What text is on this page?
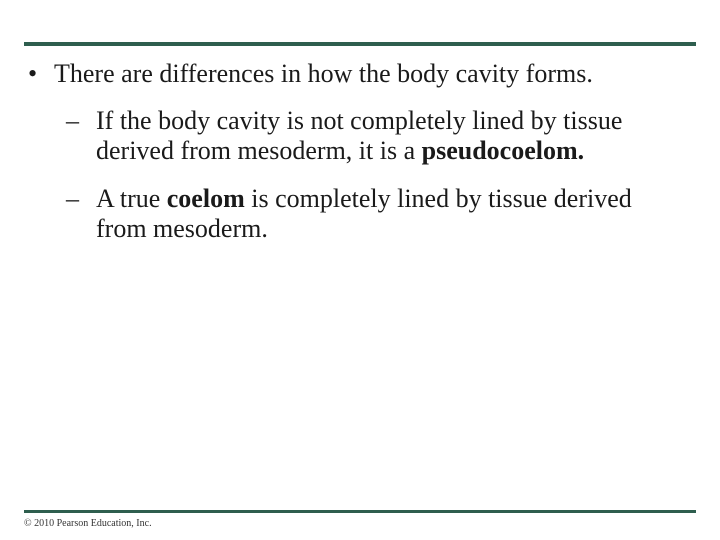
• There are differences in how the body cavity forms.
– If the body cavity is not completely lined by tissue derived from mesoderm, it is a pseudocoelom.
– A true coelom is completely lined by tissue derived from mesoderm.
© 2010 Pearson Education, Inc.
